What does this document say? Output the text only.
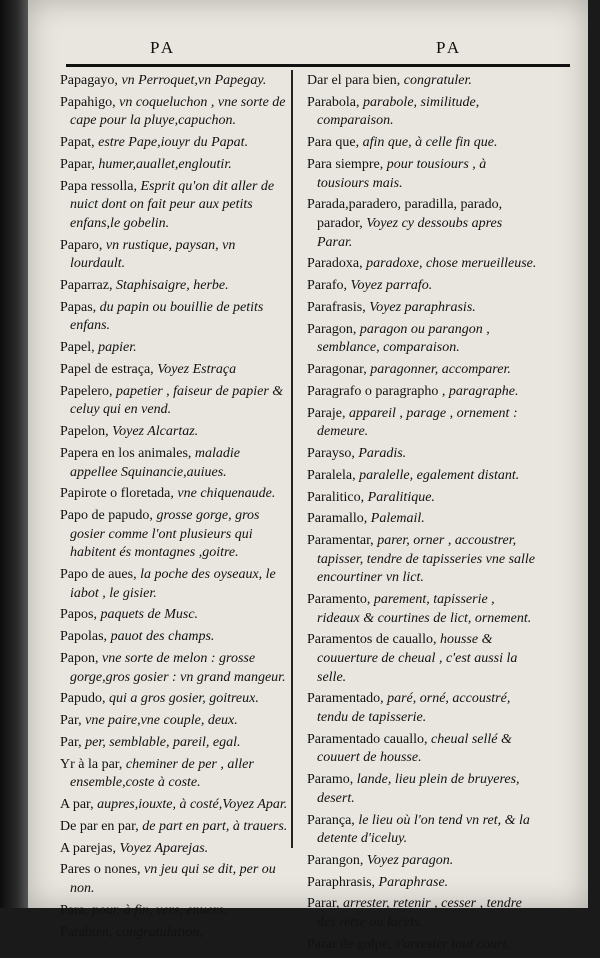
PA	PA
Papagayo, vn Perroquet,vn Papegay.
Papahigo, vn coqueluchon , vne sorte de cape pour la pluye,capuchon.
Papat, estre Pape,iouyr du Papat.
Papar, humer,auallet,engloutir.
Papa ressolla, Esprit qu'on dit aller de nuict dont on fait peur aux petits enfans,le gobelin.
Paparo, vn rustique, paysan, vn lourdault.
Paparraz, Staphisaigre, herbe.
Papas, du papin ou bouillie de petits enfans.
Papel, papier.
Papel de estraça, Voyez Estraça
Papelero, papetier , faiseur de papier & celuy qui en vend.
Papelon, Voyez Alcartaz.
Papera en los animales, maladie appellee Squinancie,auiues.
Papirote o floretada, vne chiquenaude.
Papo de papudo, grosse gorge, gros gosier comme l'ont plusieurs qui habitent és montagnes ,goitre.
Papo de aues, la poche des oyseaux, le iabot , le gisier.
Papos, paquets de Musc.
Papolas, pauot des champs.
Papon, vne sorte de melon : grosse gorge,gros gosier : vn grand mangeur.
Papudo, qui a gros gosier, goitreux.
Par, vne paire,vne couple, deux.
Par, per, semblable, pareil, egal.
Yr à la par, cheminer de per , aller ensemble,coste à coste.
A par, aupres,iouxte, à costé,Voyez Apar.
De par en par, de part en part, à trauers.
A parejas, Voyez Aparejas.
Pares o nones, vn jeu qui se dit, per ou non.
Para, pour, à fin, vers, enuers.
Parabien, congratulation,
Dar el para bien, congratuler.
Parabola, parabole, similitude, comparaison.
Para que, afin que, à celle fin que.
Para siempre, pour tousiours , à tousiours mais.
Parada,paradero, paradilla, parado, parador, Voyez cy dessoubs apres Parar.
Paradoxa, paradoxe, chose merueilleuse.
Parafo, Voyez parrafo.
Parafrasis, Voyez paraphrasis.
Paragon, paragon ou parangon , semblance, comparaison.
Paragonar, paragonner, accomparer.
Paragrafo o paragrapho , paragraphe.
Paraje, appareil , parage , ornement : demeure.
Parayso, Paradis.
Paralela, paralelle, egalement distant.
Paralitico, Paralitique.
Paramallo, Palemail.
Paramentar, parer, orner , accoustrer, tapisser, tendre de tapisseries vne salle encourtiner vn lict.
Paramento, parement, tapisserie , rideaux & courtines de lict, ornement.
Paramentos de cauallo, housse & couuerture de cheual , c'est aussi la selle.
Paramentado, paré, orné, accoustré, tendu de tapisserie.
Paramentado cauallo, cheual sellé & couuert de housse.
Paramo, lande, lieu plein de bruyeres, desert.
Parança, le lieu où l'on tend vn ret, & la detente d'iceluy.
Parangon, Voyez paragon.
Paraphrasis, Paraphrase.
Parar, arrester, retenir , cesser , tendre des retse ou lacets.
Parar de golpe, s'arrester tout court.
